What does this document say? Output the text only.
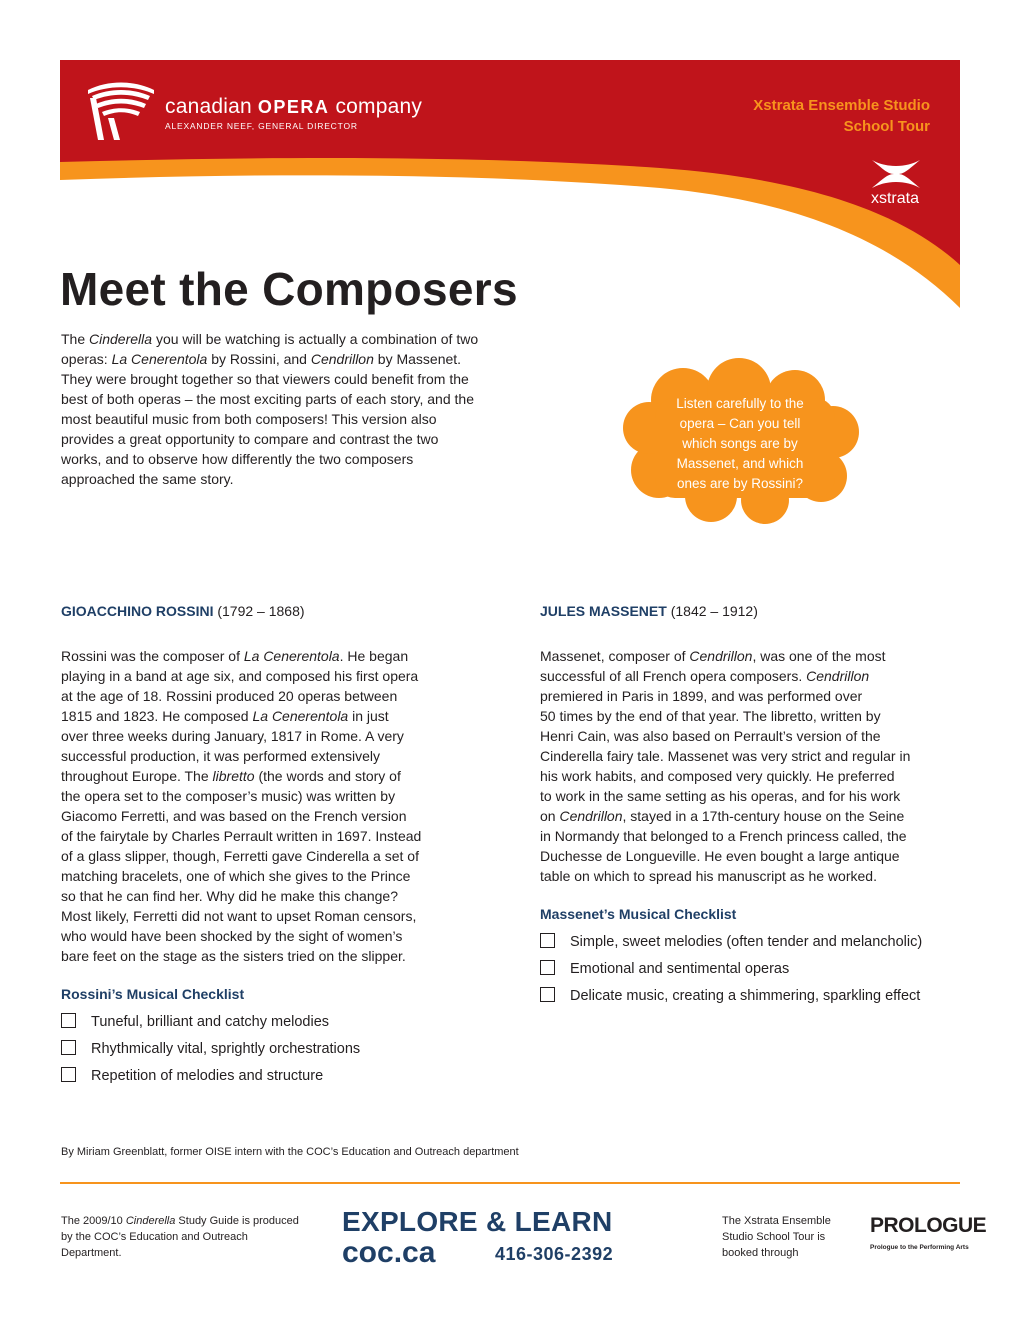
canadian OPERA company
ALEXANDER NEEF, GENERAL DIRECTOR
Xstrata Ensemble Studio
School Tour
xstrata
Meet the Composers

The Cinderella you will be watching is actually a combination of two operas: La Cenerentola by Rossini, and Cendrillon by Massenet. They were brought together so that viewers could benefit from the best of both operas – the most exciting parts of each story, and the most beautiful music from both composers! This version also provides a great opportunity to compare and contrast the two works, and to observe how differently the two composers approached the same story.

Listen carefully to the
opera – Can you tell
which songs are by
Massenet, and which
ones are by Rossini?
GIOACCHINO ROSSINI (1792 – 1868)
Rossini was the composer of La Cenerentola. He began
playing in a band at age six, and composed his first opera
at the age of 18. Rossini produced 20 operas between
1815 and 1823. He composed La Cenerentola in just
over three weeks during January, 1817 in Rome. A very
successful production, it was performed extensively
throughout Europe. The libretto (the words and story of
the opera set to the composer’s music) was written by
Giacomo Ferretti, and was based on the French version
of the fairytale by Charles Perrault written in 1697. Instead
of a glass slipper, though, Ferretti gave Cinderella a set of
matching bracelets, one of which she gives to the Prince
so that he can find her. Why did he make this change?
Most likely, Ferretti did not want to upset Roman censors,
who would have been shocked by the sight of women’s
bare feet on the stage as the sisters tried on the slipper.
Rossini’s Musical Checklist
Tuneful, brilliant and catchy melodies
Rhythmically vital, sprightly orchestrations
Repetition of melodies and structure
JULES MASSENET (1842 – 1912)
Massenet, composer of Cendrillon, was one of the most
successful of all French opera composers. Cendrillon
premiered in Paris in 1899, and was performed over
50 times by the end of that year. The libretto, written by
Henri Cain, was also based on Perrault’s version of the
Cinderella fairy tale. Massenet was very strict and regular in
his work habits, and composed very quickly. He preferred
to work in the same setting as his operas, and for his work
on Cendrillon, stayed in a 17th-century house on the Seine
in Normandy that belonged to a French princess called, the
Duchesse de Longueville. He even bought a large antique
table on which to spread his manuscript as he worked.
Massenet’s Musical Checklist
Simple, sweet melodies (often tender and melancholic)
Emotional and sentimental operas
Delicate music, creating a shimmering, sparkling effect
By Miriam Greenblatt, former OISE intern with the COC’s Education and Outreach department
The 2009/10 Cinderella Study Guide is produced by the COC’s Education and Outreach Department.
EXPLORE & LEARN
coc.ca	416-306-2392
The Xstrata Ensemble Studio School Tour is booked through
PROLOGUE
Prologue to the Performing Arts
